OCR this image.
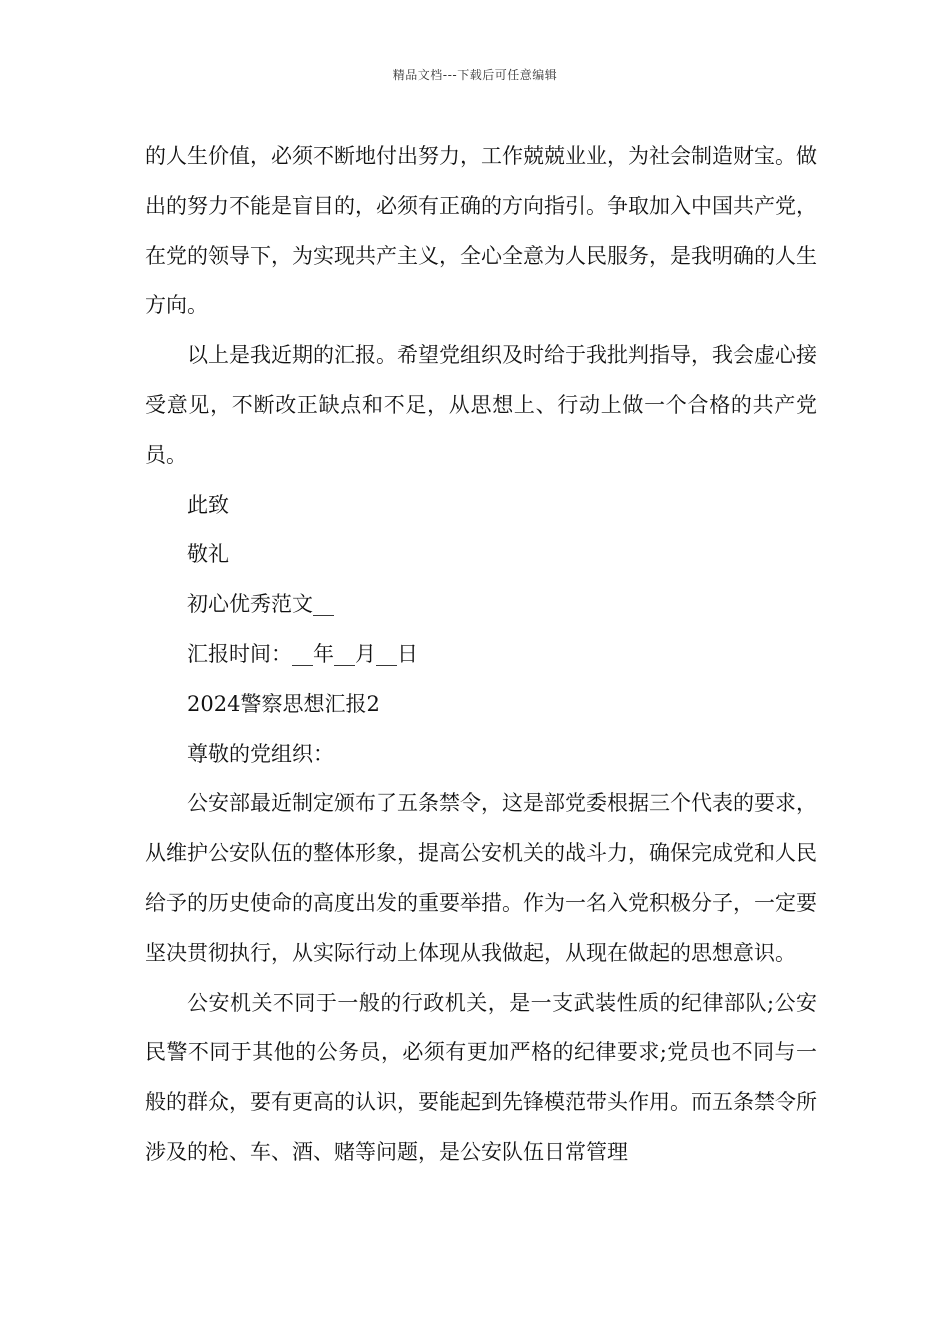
精品文档---下载后可任意编辑

的人生价值，必须不断地付出努力，工作兢兢业业，为社会制造财宝。做出的努力不能是盲目的，必须有正确的方向指引。争取加入中国共产党，在党的领导下，为实现共产主义，全心全意为人民服务，是我明确的人生方向。

以上是我近期的汇报。希望党组织及时给于我批判指导，我会虚心接受意见，不断改正缺点和不足，从思想上、行动上做一个合格的共产党员。

此致

敬礼

初心优秀范文__

汇报时间：__年__月__日

2024警察思想汇报2

尊敬的党组织：

公安部最近制定颁布了五条禁令，这是部党委根据三个代表的要求，从维护公安队伍的整体形象，提高公安机关的战斗力，确保完成党和人民给予的历史使命的高度出发的重要举措。作为一名入党积极分子，一定要坚决贯彻执行，从实际行动上体现从我做起，从现在做起的思想意识。

公安机关不同于一般的行政机关，是一支武装性质的纪律部队;公安民警不同于其他的公务员，必须有更加严格的纪律要求;党员也不同与一般的群众，要有更高的认识，要能起到先锋模范带头作用。而五条禁令所涉及的枪、车、酒、赌等问题，是公安队伍日常管理
